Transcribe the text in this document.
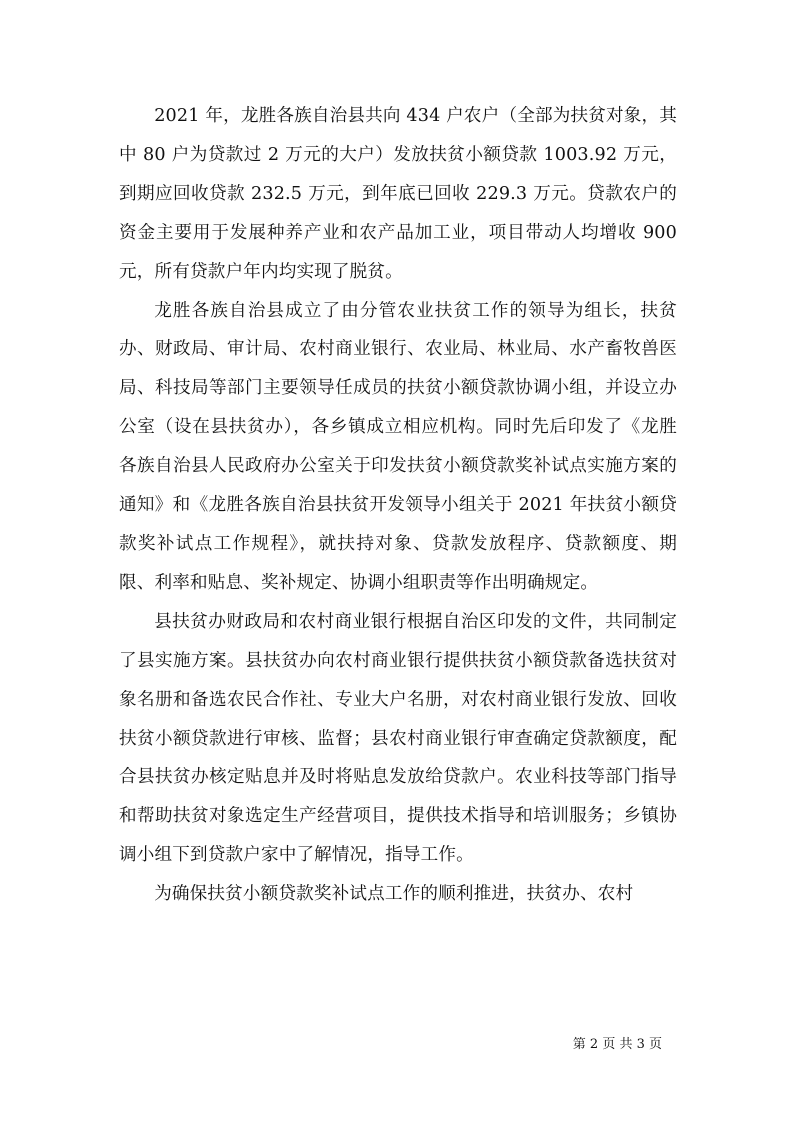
2021 年，龙胜各族自治县共向 434 户农户（全部为扶贫对象，其中 80 户为贷款过 2 万元的大户）发放扶贫小额贷款 1003.92 万元，到期应回收贷款 232.5 万元，到年底已回收 229.3 万元。贷款农户的资金主要用于发展种养产业和农产品加工业，项目带动人均增收 900 元，所有贷款户年内均实现了脱贫。

龙胜各族自治县成立了由分管农业扶贫工作的领导为组长，扶贫办、财政局、审计局、农村商业银行、农业局、林业局、水产畜牧兽医局、科技局等部门主要领导任成员的扶贫小额贷款协调小组，并设立办公室（设在县扶贫办），各乡镇成立相应机构。同时先后印发了《龙胜各族自治县人民政府办公室关于印发扶贫小额贷款奖补试点实施方案的通知》和《龙胜各族自治县扶贫开发领导小组关于 2021 年扶贫小额贷款奖补试点工作规程》，就扶持对象、贷款发放程序、贷款额度、期限、利率和贴息、奖补规定、协调小组职责等作出明确规定。

县扶贫办财政局和农村商业银行根据自治区印发的文件，共同制定了县实施方案。县扶贫办向农村商业银行提供扶贫小额贷款备选扶贫对象名册和备选农民合作社、专业大户名册，对农村商业银行发放、回收扶贫小额贷款进行审核、监督；县农村商业银行审查确定贷款额度，配合县扶贫办核定贴息并及时将贴息发放给贷款户。农业科技等部门指导和帮助扶贫对象选定生产经营项目，提供技术指导和培训服务；乡镇协调小组下到贷款户家中了解情况，指导工作。

为确保扶贫小额贷款奖补试点工作的顺利推进，扶贫办、农村

第 2 页 共 3 页
